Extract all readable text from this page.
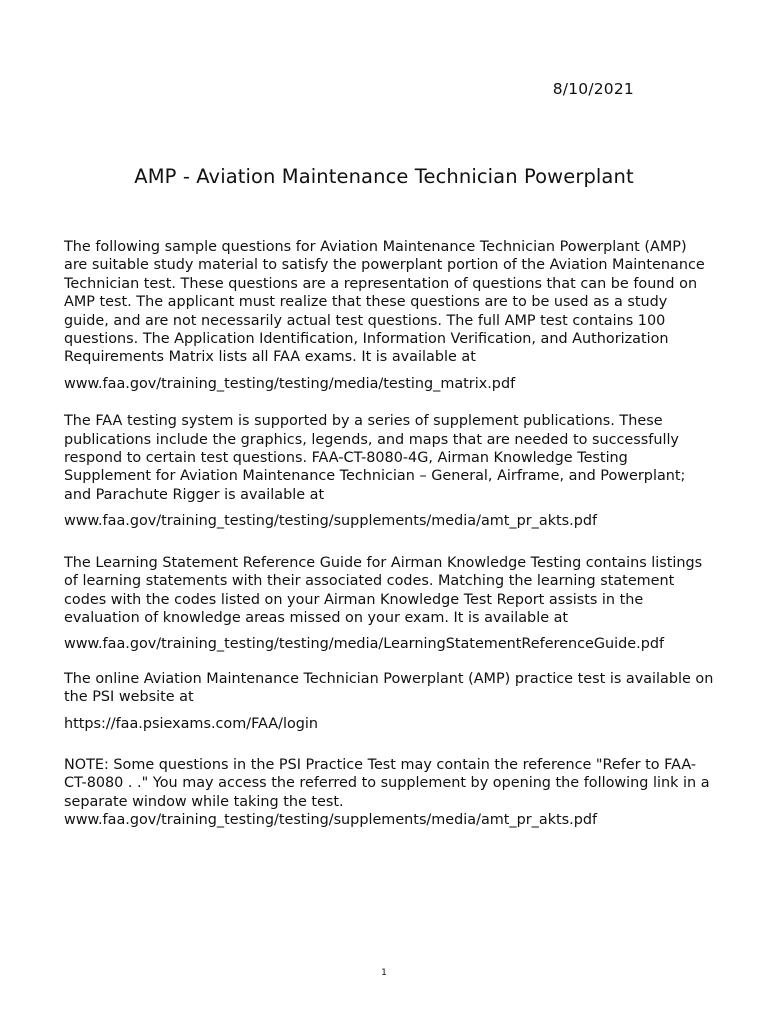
8/10/2021
AMP - Aviation Maintenance Technician Powerplant

The following sample questions for Aviation Maintenance Technician Powerplant (AMP) are suitable study material to satisfy the powerplant portion of the Aviation Maintenance Technician test. These questions are a representation of questions that can be found on AMP test. The applicant must realize that these questions are to be used as a study guide, and are not necessarily actual test questions. The full AMP test contains 100 questions. The Application Identification, Information Verification, and Authorization Requirements Matrix lists all FAA exams. It is available at

www.faa.gov/training_testing/testing/media/testing_matrix.pdf

The FAA testing system is supported by a series of supplement publications. These publications include the graphics, legends, and maps that are needed to successfully respond to certain test questions. FAA-CT-8080-4G, Airman Knowledge Testing Supplement for Aviation Maintenance Technician – General, Airframe, and Powerplant; and Parachute Rigger is available at

www.faa.gov/training_testing/testing/supplements/media/amt_pr_akts.pdf

The Learning Statement Reference Guide for Airman Knowledge Testing contains listings of learning statements with their associated codes. Matching the learning statement codes with the codes listed on your Airman Knowledge Test Report assists in the evaluation of knowledge areas missed on your exam. It is available at

www.faa.gov/training_testing/testing/media/LearningStatementReferenceGuide.pdf

The online Aviation Maintenance Technician Powerplant (AMP) practice test is available on the PSI website at

https://faa.psiexams.com/FAA/login

NOTE: Some questions in the PSI Practice Test may contain the reference "Refer to FAA-CT-8080 . ." You may access the referred to supplement by opening the following link in a separate window while taking the test.

www.faa.gov/training_testing/testing/supplements/media/amt_pr_akts.pdf

1
